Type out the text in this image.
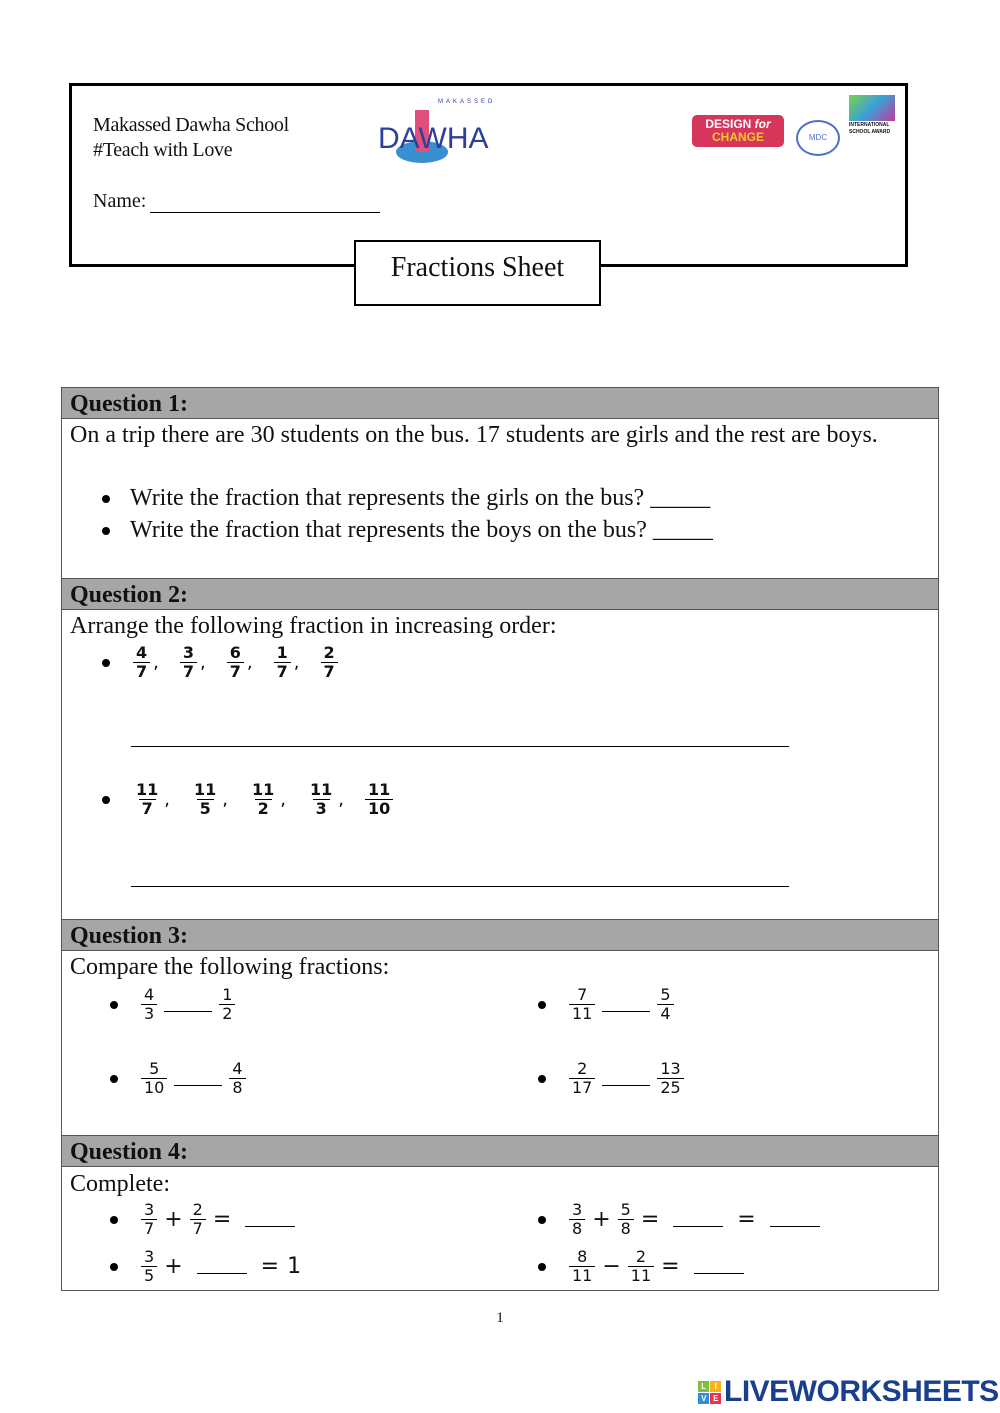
Makassed Dawha School
#Teach with Love
Name:
MAKASSED
DAWHA	DESIGN for
CHANGE	MDC
INTERNATIONAL SCHOOL AWARD
Fractions Sheet
Question 1:
On a trip there are 30 students on the bus. 17 students are girls and the rest are boys.
Write the fraction that represents the girls on the bus? _____
Write the fraction that represents the boys on the bus? _____
Question 2:
Arrange the following fraction in increasing order:
$\frac{4}{7}$ , $\frac{3}{7}$ , $\frac{6}{7}$ , $\frac{1}{7}$ , $\frac{2}{7}$
$\frac{11}{7}$ , $\frac{11}{5}$ , $\frac{11}{2}$ , $\frac{11}{3}$ , $\frac{11}{10}$
Question 3:
Compare the following fractions:
$\frac{4}{3}$	$\frac{1}{2}$	$\frac{7}{11}$	$\frac{5}{4}$
$\frac{5}{10}$	$\frac{4}{8}$	$\frac{2}{17}$	$\frac{13}{25}$
Question 4:
Complete:
$\frac{3}{7} + \frac{2}{7}$ =	$\frac{3}{8} + \frac{5}{8}$ =	=
$\frac{3}{5}$ +	= 1	$\frac{8}{11} - \frac{2}{11}$ =
1
L	I
V E LIVEWORKSHEETS
